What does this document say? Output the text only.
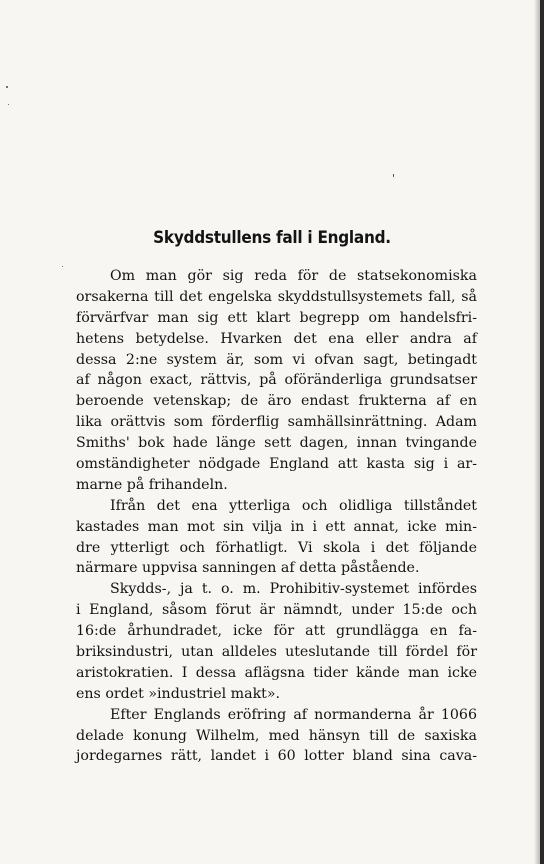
Skyddstullens fall i England.
Om man gör sig reda för de statsekonomiska
orsakerna till det engelska skyddstullsystemets fall, så
förvärfvar man sig ett klart begrepp om handelsfri-
hetens betydelse. Hvarken det ena eller andra af
dessa 2:ne system är, som vi ofvan sagt, betingadt
af någon exact, rättvis, på oföränderliga grundsatser
beroende vetenskap; de äro endast frukterna af en
lika orättvis som förderflig samhällsinrättning. Adam
Smiths' bok hade länge sett dagen, innan tvingande
omständigheter nödgade England att kasta sig i ar-
marne på frihandeln.
Ifrån det ena ytterliga och olidliga tillståndet
kastades man mot sin vilja in i ett annat, icke min-
dre ytterligt och förhatligt. Vi skola i det följande
närmare uppvisa sanningen af detta påstående.
Skydds-, ja t. o. m. Prohibitiv-systemet infördes
i England, såsom förut är nämndt, under 15:de och
16:de århundradet, icke för att grundlägga en fa-
briksindustri, utan alldeles uteslutande till fördel för
aristokratien. I dessa aflägsna tider kände man icke
ens ordet »industriel makt».
Efter Englands eröfring af normanderna år 1066
delade konung Wilhelm, med hänsyn till de saxiska
jordegarnes rätt, landet i 60 lotter bland sina cava-
